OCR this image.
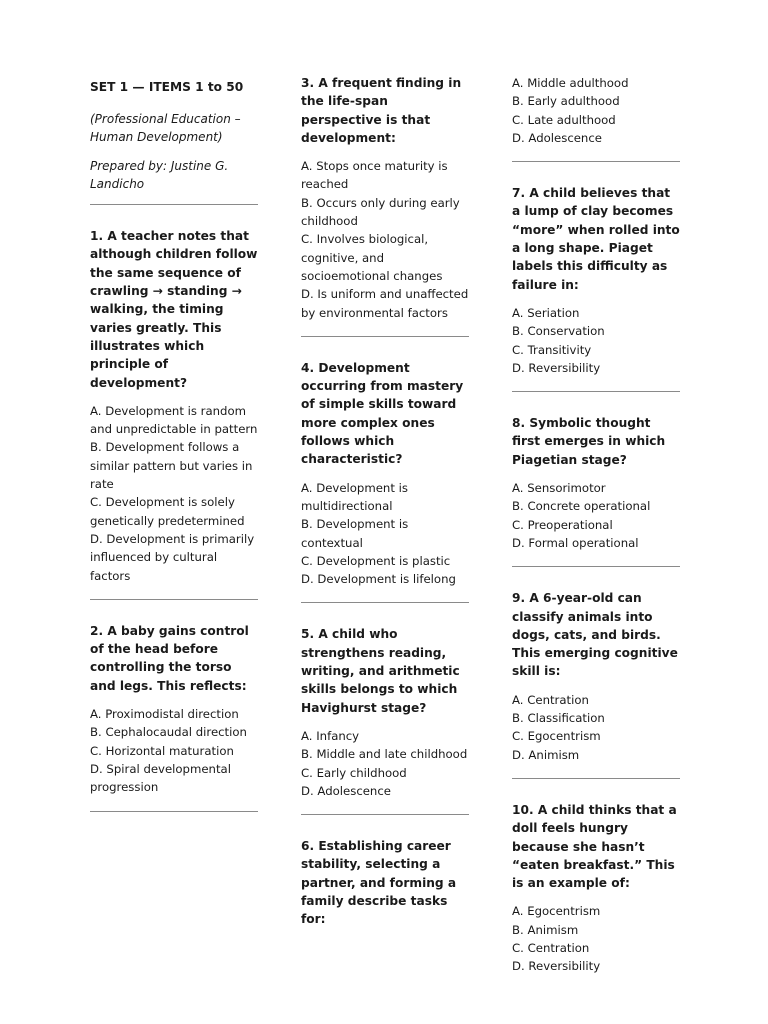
SET 1 — ITEMS 1 to 50
(Professional Education – Human Development)
Prepared by: Justine G. Landicho
1. A teacher notes that although children follow the same sequence of crawling → standing → walking, the timing varies greatly. This illustrates which principle of development?
A. Development is random and unpredictable in pattern
B. Development follows a similar pattern but varies in rate
C. Development is solely genetically predetermined
D. Development is primarily influenced by cultural factors
2. A baby gains control of the head before controlling the torso and legs. This reflects:
A. Proximodistal direction
B. Cephalocaudal direction
C. Horizontal maturation
D. Spiral developmental progression
3. A frequent finding in the life-span perspective is that development:
A. Stops once maturity is reached
B. Occurs only during early childhood
C. Involves biological, cognitive, and socioemotional changes
D. Is uniform and unaffected by environmental factors
4. Development occurring from mastery of simple skills toward more complex ones follows which characteristic?
A. Development is multidirectional
B. Development is contextual
C. Development is plastic
D. Development is lifelong
5. A child who strengthens reading, writing, and arithmetic skills belongs to which Havighurst stage?
A. Infancy
B. Middle and late childhood
C. Early childhood
D. Adolescence
6. Establishing career stability, selecting a partner, and forming a family describe tasks for:
A. Middle adulthood
B. Early adulthood
C. Late adulthood
D. Adolescence
7. A child believes that a lump of clay becomes “more” when rolled into a long shape. Piaget labels this difficulty as failure in:
A. Seriation
B. Conservation
C. Transitivity
D. Reversibility
8. Symbolic thought first emerges in which Piagetian stage?
A. Sensorimotor
B. Concrete operational
C. Preoperational
D. Formal operational
9. A 6-year-old can classify animals into dogs, cats, and birds. This emerging cognitive skill is:
A. Centration
B. Classification
C. Egocentrism
D. Animism
10. A child thinks that a doll feels hungry because she hasn’t “eaten breakfast.” This is an example of:
A. Egocentrism
B. Animism
C. Centration
D. Reversibility
